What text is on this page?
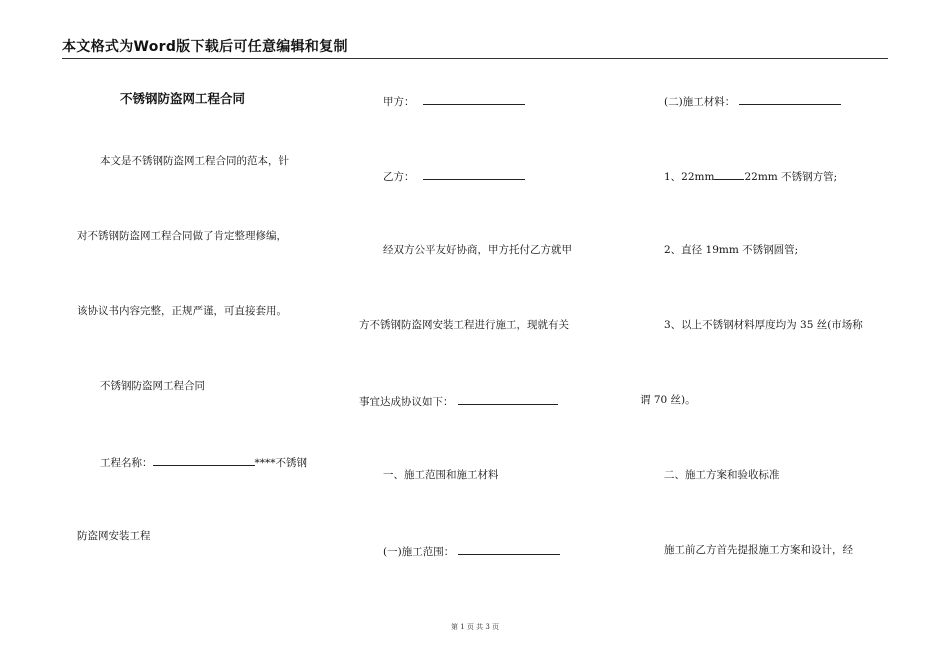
本文格式为Word版下载后可任意编辑和复制
不锈钢防盗网工程合同
本文是不锈钢防盗网工程合同的范本，针
对不锈钢防盗网工程合同做了肯定整理修编，
该协议书内容完整，正规严谨，可直接套用。
不锈钢防盗网工程合同
工程名称：	****不锈钢
防盗网安装工程
甲方：
乙方：
经双方公平友好协商，甲方托付乙方就甲
方不锈钢防盗网安装工程进行施工，现就有关
事宜达成协议如下：
一、施工范围和施工材料
(一)施工范围：
(二)施工材料：
1、22mm	22mm 不锈钢方管;
2、直径 19mm 不锈钢圆管;
3、以上不锈钢材料厚度均为 35 丝(市场称
谓 70 丝)。
二、施工方案和验收标准
施工前乙方首先提报施工方案和设计，经
第 1 页 共 3 页
